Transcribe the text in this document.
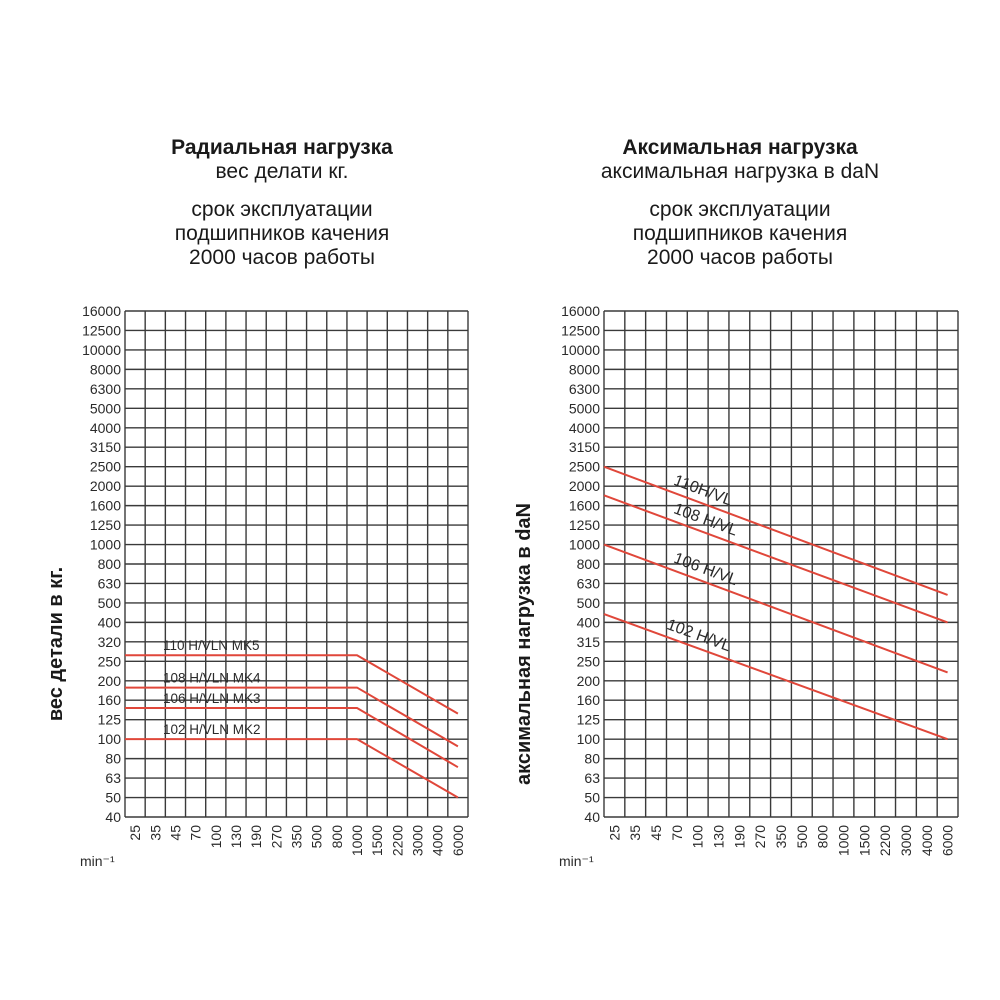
Радиальная нагрузка
вес делати кг.
срок эксплуатации
подшипников качения
2000 часов работы
Аксимальная нагрузка
аксимальная нагрузка в daN
срок эксплуатации
подшипников качения
2000 часов работы
16000
12500
10000
8000
6300
5000
4000
3150
2500
2000
1600
1250
1000
800
630
500
400
320
250
200
160
125
100
80
63
50
40
25 35 45 70 100 130 190 270 350 500 800 1000 1500 2200 3000 4000 6000
min⁻¹
вес детали в кг.	110 H/VLN MK5
108 H/VLN MK4
106 H/VLN MK3
102 H/VLN MK2
16000
12500
10000
8000
6300
5000
4000
3150
2500
2000
1600
1250
1000
800
630
500
400
315
250
200
160
125
100
80
63
50
40
25 35 45 70 100 130 190 270 350 500 800 1000 1500 2200 3000 4000 6000
min⁻¹
аксимальная нагрузка в daN
110H/VL
108 H/VL
106 H/VL
102 H/VL
